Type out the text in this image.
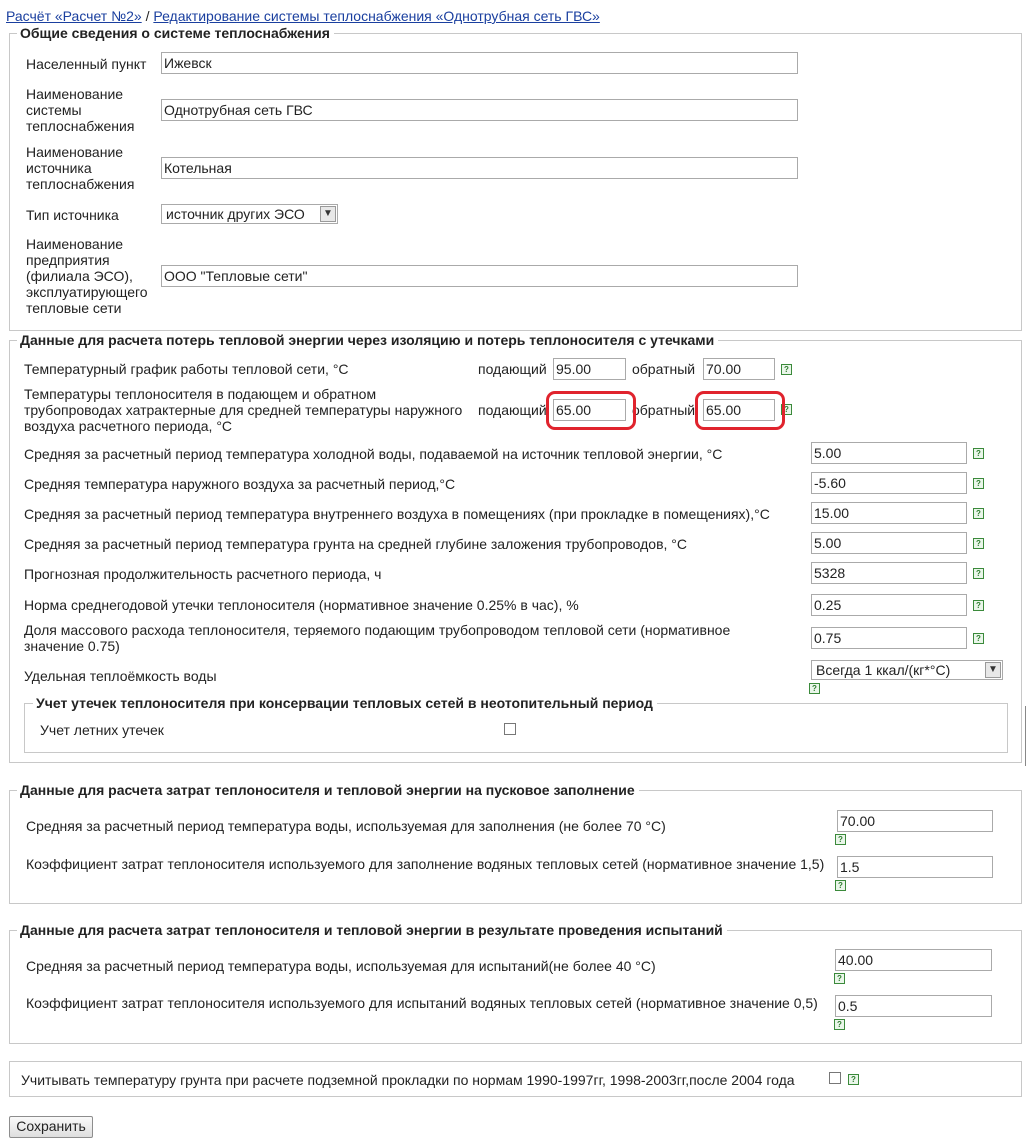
Расчёт «Расчет №2» / Редактирование системы теплоснабжения «Однотрубная сеть ГВС»
Общие сведения о системе теплоснабжения
Населенный пункт Ижевск
Наименование системы теплоснабжения
Однотрубная сеть ГВС
Наименование источника теплоснабжения
Котельная
Тип источника	источник других ЭСО	▼
Наименование предприятия (филиала ЭСО), эксплуатирующего тепловые сети
ООО "Тепловые сети"
Данные для расчета потерь тепловой энергии через изоляцию и потерь теплоносителя с утечками
Температурный график работы тепловой сети, °С	подающий 95.00	обратный 70.00	?
Температуры теплоносителя в подающем и обратном трубопроводах хатрактерные для средней температуры наружного воздуха расчетного периода, °С
подающий 65.00	обратный 65.00	?
Средняя за расчетный период температура холодной воды, подаваемой на источник тепловой энергии, °С	5.00	?
Средняя температура наружного воздуха за расчетный период,°С	-5.60	?
Средняя за расчетный период температура внутреннего воздуха в помещениях (при прокладке в помещениях),°С	15.00	?
Средняя за расчетный период температура грунта на средней глубине заложения трубопроводов, °С	5.00	?
Прогнозная продолжительность расчетного периода, ч	5328	?
Норма среднегодовой утечки теплоносителя (нормативное значение 0.25% в час), %	0.25	?
Доля массового расхода теплоносителя, теряемого подающим трубопроводом тепловой сети (нормативное значение 0.75)	0.75	?
Удельная теплоёмкость воды	Всегда 1 ккал/(кг*°С)	▼
?
Учет утечек теплоносителя при консервации тепловых сетей в неотопительный период
Учет летних утечек
Данные для расчета затрат теплоносителя и тепловой энергии на пусковое заполнение
Средняя за расчетный период температура воды, используемая для заполнения (не более 70 °С)	70.00
?
Коэффициент затрат теплоносителя используемого для заполнение водяных тепловых сетей (нормативное значение 1,5) 1.5
?
Данные для расчета затрат теплоносителя и тепловой энергии в результате проведения испытаний
Средняя за расчетный период температура воды, используемая для испытаний(не более 40 °С)	40.00
?
Коэффициент затрат теплоносителя используемого для испытаний водяных тепловых сетей (нормативное значение 0,5)	0.5
?
Учитывать температуру грунта при расчете подземной прокладки по нормам 1990-1997гг, 1998-2003гг,после 2004 года	?
Сохранить
